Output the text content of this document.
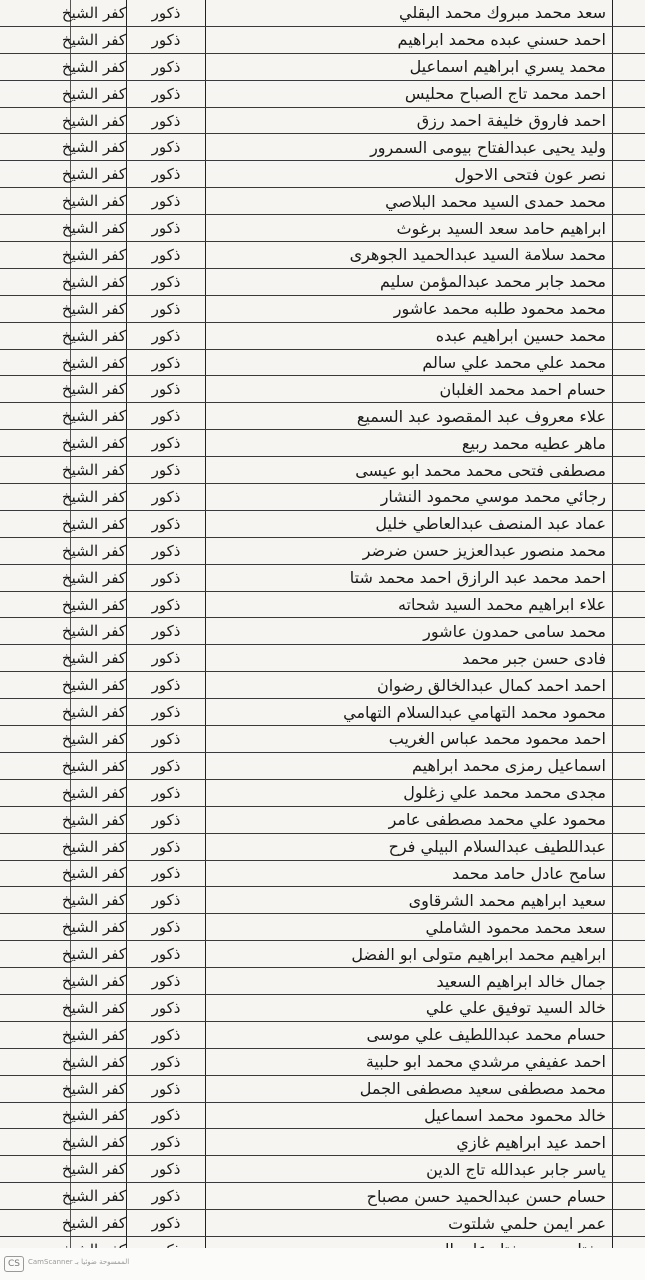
	سعد محمد مبروك محمد البقلي	ذكور	كفر الشيخ	
	احمد حسني عبده محمد ابراهيم	ذكور	كفر الشيخ	
	محمد يسري ابراهيم اسماعيل	ذكور	كفر الشيخ	
	احمد محمد تاج الصباح محليس	ذكور	كفر الشيخ	
	احمد فاروق خليفة احمد رزق	ذكور	كفر الشيخ	
	وليد يحيى عبدالفتاح بيومى السمرور	ذكور	كفر الشيخ	
	نصر عون فتحى الاحول	ذكور	كفر الشيخ	
	محمد حمدى السيد محمد البلاصي	ذكور	كفر الشيخ	
	ابراهيم حامد سعد السيد برغوث	ذكور	كفر الشيخ	
	محمد سلامة السيد عبدالحميد الجوهرى	ذكور	كفر الشيخ	
	محمد جابر محمد عبدالمؤمن سليم	ذكور	كفر الشيخ	
	محمد محمود طلبه محمد عاشور	ذكور	كفر الشيخ	
	محمد حسين ابراهيم عبده	ذكور	كفر الشيخ	
	محمد علي محمد علي سالم	ذكور	كفر الشيخ	
	حسام احمد محمد الغلبان	ذكور	كفر الشيخ	
	علاء معروف عبد المقصود عبد السميع	ذكور	كفر الشيخ	
	ماهر عطيه محمد ربيع	ذكور	كفر الشيخ	
	مصطفى فتحى محمد محمد ابو عيسى	ذكور	كفر الشيخ	
	رجائي محمد موسي محمود النشار	ذكور	كفر الشيخ	
	عماد عبد المنصف عبدالعاطي خليل	ذكور	كفر الشيخ	
	محمد منصور عبدالعزيز حسن ضرضر	ذكور	كفر الشيخ	
	احمد محمد عبد الرازق احمد محمد شتا	ذكور	كفر الشيخ	
	علاء ابراهيم محمد السيد شحاته	ذكور	كفر الشيخ	
	محمد سامى حمدون عاشور	ذكور	كفر الشيخ	
	فادى حسن جبر محمد	ذكور	كفر الشيخ	
	احمد احمد كمال عبدالخالق رضوان	ذكور	كفر الشيخ	
	محمود محمد التهامي عبدالسلام التهامي	ذكور	كفر الشيخ	
	احمد محمود محمد عباس الغريب	ذكور	كفر الشيخ	
	اسماعيل رمزى محمد ابراهيم	ذكور	كفر الشيخ	
	مجدى محمد محمد علي زغلول	ذكور	كفر الشيخ	
	محمود علي محمد مصطفى عامر	ذكور	كفر الشيخ	
	عبداللطيف عبدالسلام البيلي فرح	ذكور	كفر الشيخ	
	سامح عادل حامد محمد	ذكور	كفر الشيخ	
	سعيد ابراهيم محمد الشرقاوى	ذكور	كفر الشيخ	
	سعد محمد محمود الشاملي	ذكور	كفر الشيخ	
	ابراهيم محمد ابراهيم متولى ابو الفضل	ذكور	كفر الشيخ	
	جمال خالد ابراهيم السعيد	ذكور	كفر الشيخ	
	خالد السيد توفيق علي علي	ذكور	كفر الشيخ	
	حسام محمد عبداللطيف علي موسى	ذكور	كفر الشيخ	
	احمد عفيفي مرشدي محمد ابو حلبية	ذكور	كفر الشيخ	
	محمد مصطفى سعيد مصطفى الجمل	ذكور	كفر الشيخ	
	خالد محمود محمد اسماعيل	ذكور	كفر الشيخ	
	احمد عيد ابراهيم غازي	ذكور	كفر الشيخ	
	ياسر جابر عبدالله تاج الدين	ذكور	كفر الشيخ	
	حسام حسن عبدالحميد حسن مصباح	ذكور	كفر الشيخ	
	عمر ايمن حلمي شلتوت	ذكور	كفر الشيخ	

CS	الممسوحة ضوئيا بـ CamScanner
